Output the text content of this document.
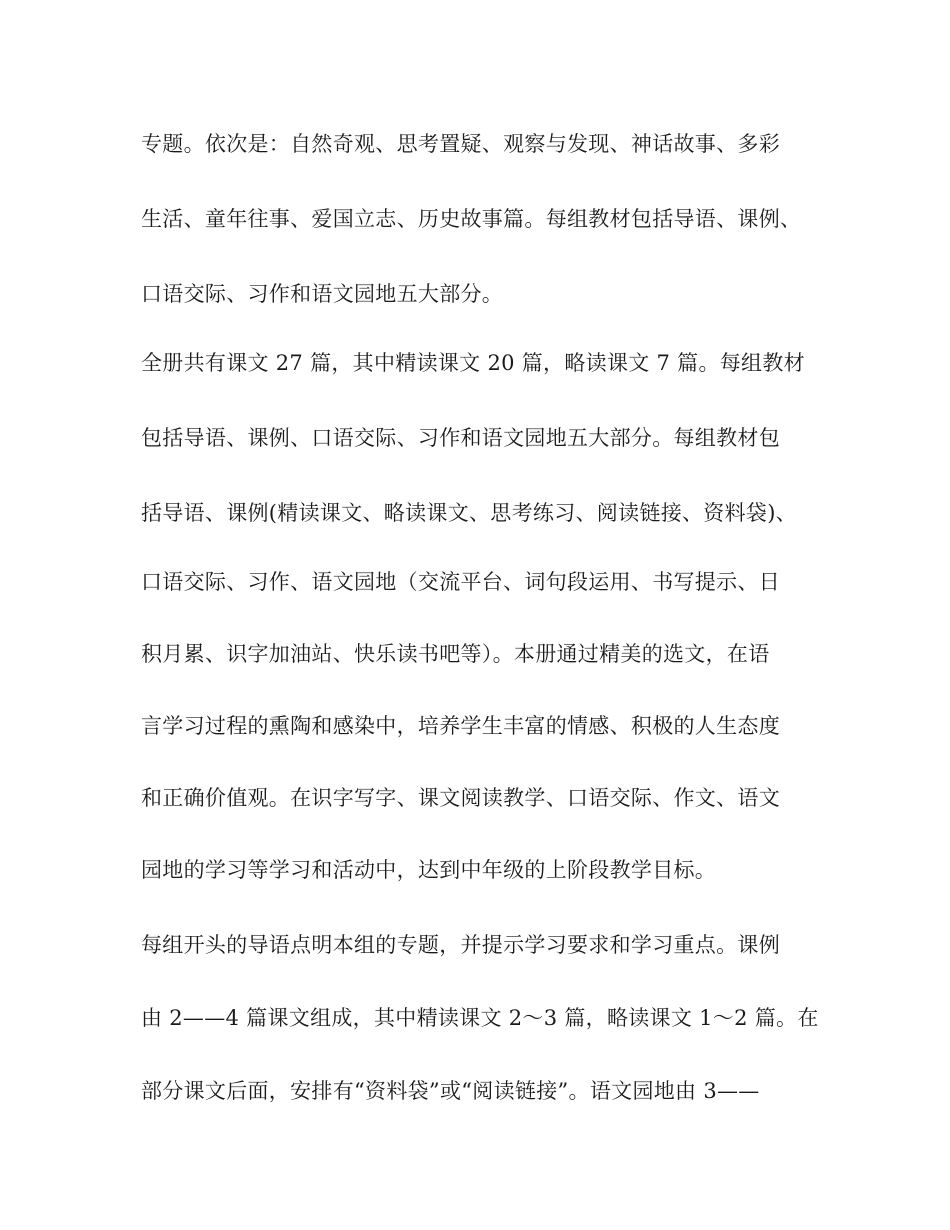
专题。依次是：自然奇观、思考置疑、观察与发现、神话故事、多彩
生活、童年往事、爱国立志、历史故事篇。每组教材包括导语、课例、
口语交际、习作和语文园地五大部分。
全册共有课文 27 篇，其中精读课文 20 篇，略读课文 7 篇。每组教材
包括导语、课例、口语交际、习作和语文园地五大部分。每组教材包
括导语、课例(精读课文、略读课文、思考练习、阅读链接、资料袋)、
口语交际、习作、语文园地（交流平台、词句段运用、书写提示、日
积月累、识字加油站、快乐读书吧等）。本册通过精美的选文，在语
言学习过程的熏陶和感染中，培养学生丰富的情感、积极的人生态度
和正确价值观。在识字写字、课文阅读教学、口语交际、作文、语文
园地的学习等学习和活动中，达到中年级的上阶段教学目标。
每组开头的导语点明本组的专题，并提示学习要求和学习重点。课例
由 2——4 篇课文组成，其中精读课文 2～3 篇，略读课文 1～2 篇。在
部分课文后面，安排有“资料袋”或“阅读链接”。语文园地由 3——
